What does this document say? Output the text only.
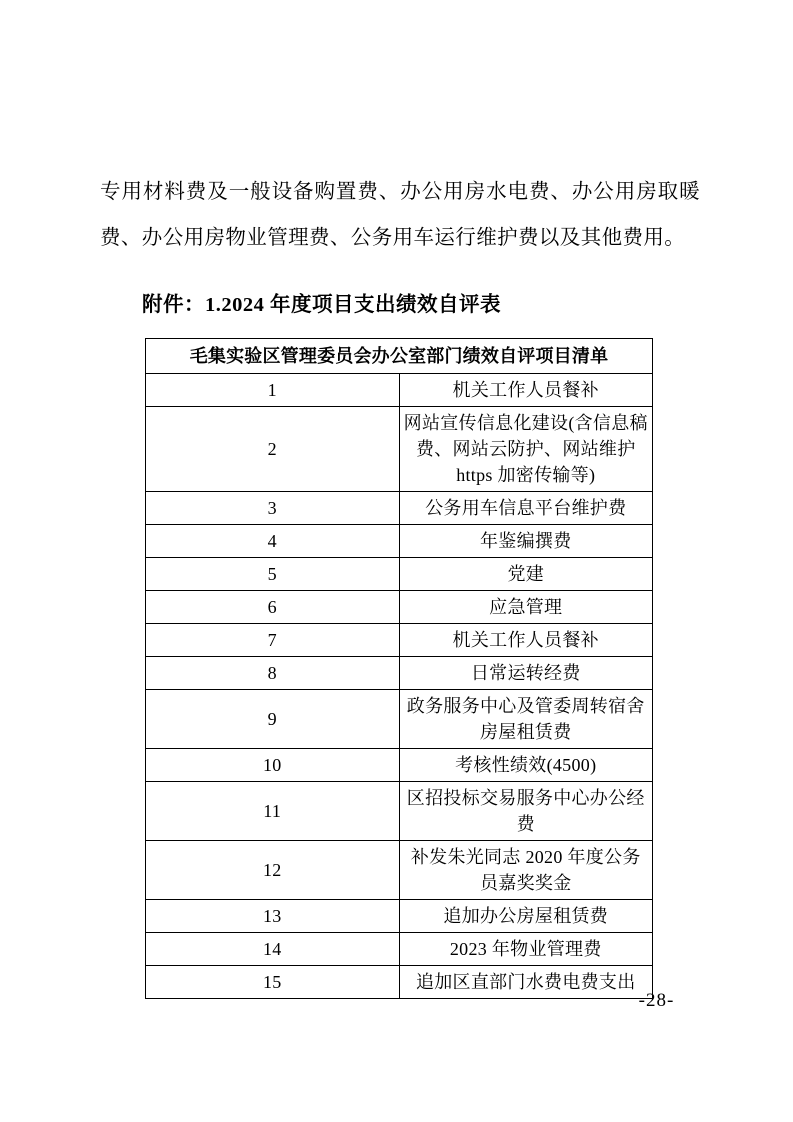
专用材料费及一般设备购置费、办公用房水电费、办公用房取暖费、办公用房物业管理费、公务用车运行维护费以及其他费用。

附件：1.2024 年度项目支出绩效自评表

毛集实验区管理委员会办公室部门绩效自评项目清单	
1	机关工作人员餐补
2	网站宣传信息化建设(含信息稿费、网站云防护、网站维护 https 加密传输等)
3	公务用车信息平台维护费
4	年鉴编撰费
5	党建
6	应急管理
7	机关工作人员餐补
8	日常运转经费
9	政务服务中心及管委周转宿舍房屋租赁费
10	考核性绩效(4500)
11	区招投标交易服务中心办公经费
12	补发朱光同志 2020 年度公务员嘉奖奖金
13	追加办公房屋租赁费
14	2023 年物业管理费
15	追加区直部门水费电费支出
-28-
